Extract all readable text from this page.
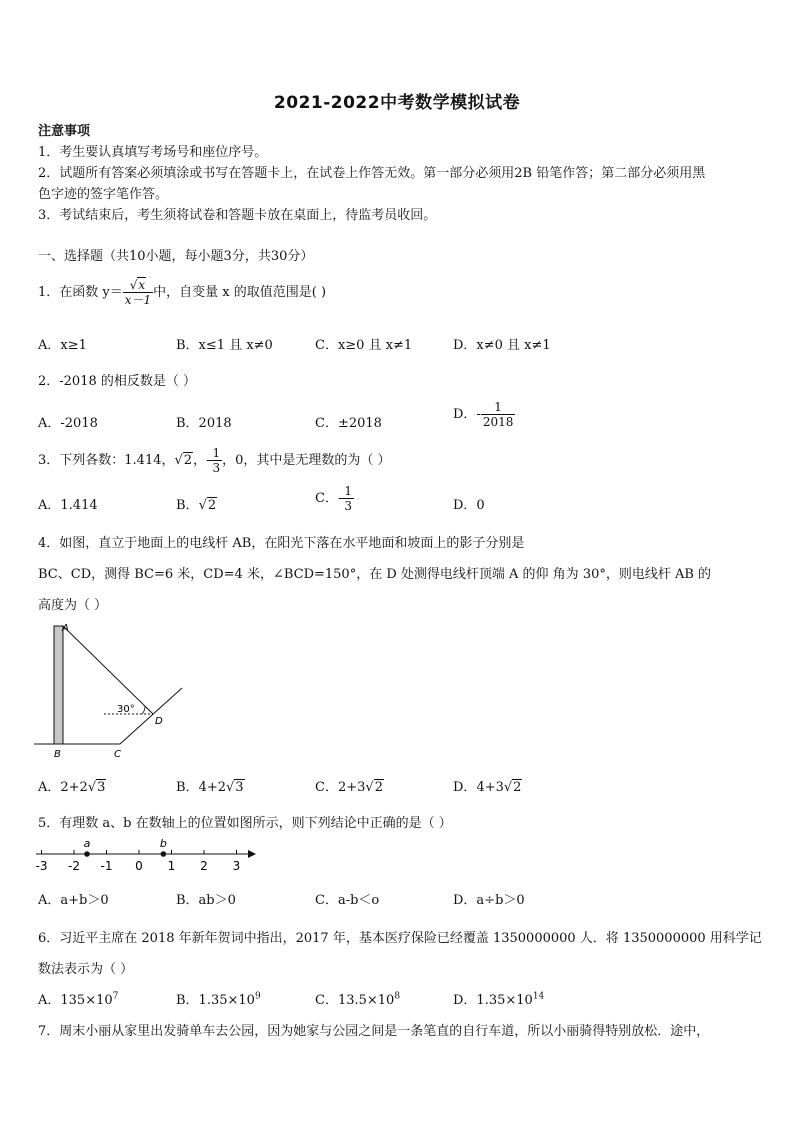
2021-2022中考数学模拟试卷
注意事项
1．考生要认真填写考场号和座位序号。
2．试题所有答案必须填涂或书写在答题卡上，在试卷上作答无效。第一部分必须用2B 铅笔作答；第二部分必须用黑
色字迹的签字笔作答。
3．考试结束后，考生须将试卷和答题卡放在桌面上，待监考员收回。
一、选择题（共10小题，每小题3分，共30分）
1．在函数 $y= \frac{√x}{x-1}$ 中，自变量 x 的取值范围是( )
A．x≥1	B．x≤1 且 x≠0	C．x≥0 且 x≠1	D．x≠0 且 x≠1
2．-2018 的相反数是（ ）
A．-2018	B．2018	C．±2018
D．- $\frac{1}{2018}$
3．下列各数：1.414，√2，- $\frac{1}{3}$ ，0，其中是无理数的为（ ）
A．1.414	B．√2	C．- $\frac{1}{3}$	D．0
4．如图，直立于地面上的电线杆 AB，在阳光下落在水平地面和坡面上的影子分别是
BC、CD，测得 BC=6 米，CD=4 米，∠BCD=150°，在 D 处测得电线杆顶端 A 的仰 角为 30°，则电线杆 AB 的
高度为（ ）
A
B	C
D
30°
A．2+2√3	B．4+2√3	C．2+3√2	D．4+3√2
5．有理数 a、b 在数轴上的位置如图所示，则下列结论中正确的是（ ）
-3 -2 -1 0 1 2 3
a	b
A．a+b＞0	B．ab＞0	C．a-b＜o	D．a÷b＞0
6．习近平主席在 2018 年新年贺词中指出，2017 年，基本医疗保险已经覆盖 1350000000 人．将 1350000000 用科学记
数法表示为（ ）
A．$135\times 10^7$	B．$1.35\times 10^9$	C．$13.5\times 10^8$	D．$1.35\times 10^{14}$
7．周末小丽从家里出发骑单车去公园，因为她家与公园之间是一条笔直的自行车道，所以小丽骑得特别放松．途中，
